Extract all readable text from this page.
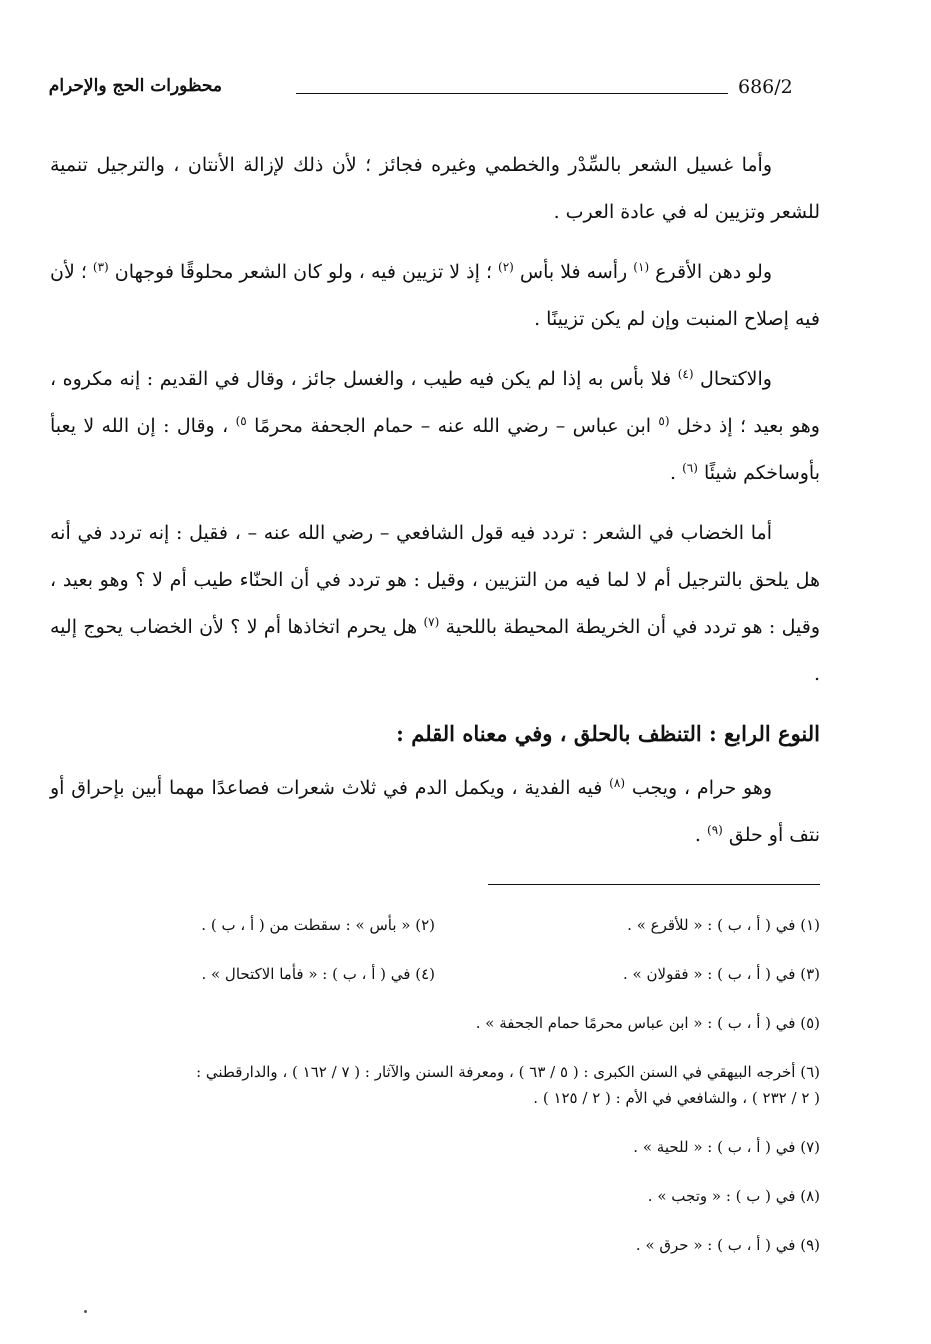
محظورات الحج والإحرام	686/2

وأما غسيل الشعر بالسِّدْر والخطمي وغيره فجائز ؛ لأن ذلك لإزالة الأنتان ، والترجيل تنمية للشعر وتزيين له في عادة العرب .

ولو دهن الأقرع $^{(١)}$ رأسه فلا بأس $^{(٢)}$ ؛ إذ لا تزيين فيه ، ولو كان الشعر محلوقًا فوجهان $^{(٣)}$ ؛ لأن فيه إصلاح المنبت وإن لم يكن تزيينًا .

والاكتحال $^{(٤)}$ فلا بأس به إذا لم يكن فيه طيب ، والغسل جائز ، وقال في القديم : إنه مكروه ، وهو بعيد ؛ إذ دخل $^{(٥}$ ابن عباس – رضي الله عنه – حمام الجحفة محرمًا $^{٥)}$ ، وقال : إن الله لا يعبأ بأوساخكم شيئًا $^{(٦)}$ .

أما الخضاب في الشعر : تردد فيه قول الشافعي – رضي الله عنه – ، فقيل : إنه تردد في أنه هل يلحق بالترجيل أم لا لما فيه من التزيين ، وقيل : هو تردد في أن الحنّاء طيب أم لا ؟ وهو بعيد ، وقيل : هو تردد في أن الخريطة المحيطة باللحية $^{(٧)}$ هل يحرم اتخاذها أم لا ؟ لأن الخضاب يحوج إليه .

النوع الرابع : التنظف بالحلق ، وفي معناه القلم :

وهو حرام ، ويجب $^{(٨)}$ فيه الفدية ، ويكمل الدم في ثلاث شعرات فصاعدًا مهما أبين بإحراق أو نتف أو حلق $^{(٩)}$ .

(١) في ( أ ، ب ) : « للأقرع » .
(٢) « بأس » : سقطت من ( أ ، ب ) .
(٣) في ( أ ، ب ) : « فقولان » .
(٤) في ( أ ، ب ) : « فأما الاكتحال » .
(٥) في ( أ ، ب ) : « ابن عباس محرمًا حمام الجحفة » .
(٦) أخرجه البيهقي في السنن الكبرى : ( ٥ / ٦٣ ) ، ومعرفة السنن والآثار : ( ٧ / ١٦٢ ) ، والدارقطني :
( ٢ / ٢٣٢ ) ، والشافعي في الأم : ( ٢ / ١٢٥ ) .
(٧) في ( أ ، ب ) : « للحية » .
(٨) في ( ب ) : « وتجب » .
(٩) في ( أ ، ب ) : « حرق » .
